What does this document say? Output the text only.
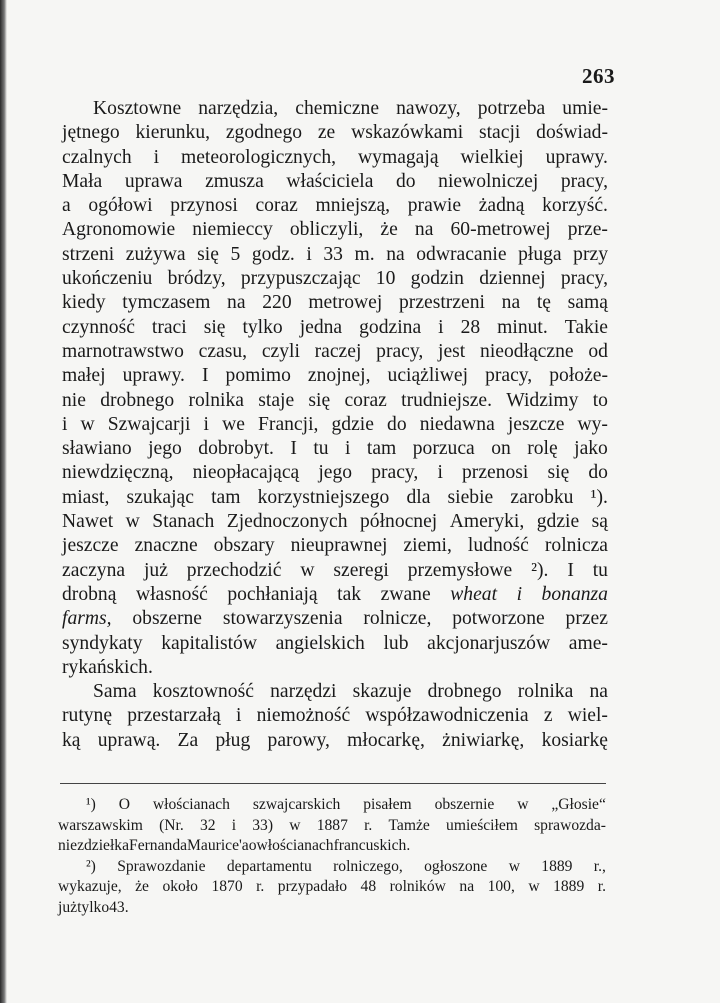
263
Kosztowne narzędzia, chemiczne nawozy, potrzeba umie-
jętnego kierunku, zgodnego ze wskazówkami stacji doświad-
czalnych i meteorologicznych, wymagają wielkiej uprawy.
Mała uprawa zmusza właściciela do niewolniczej pracy,
a ogółowi przynosi coraz mniejszą, prawie żadną korzyść.
Agronomowie niemieccy obliczyli, że na 60-metrowej prze-
strzeni zużywa się 5 godz. i 33 m. na odwracanie pługa przy
ukończeniu bródzy, przypuszczając 10 godzin dziennej pracy,
kiedy tymczasem na 220 metrowej przestrzeni na tę samą
czynność traci się tylko jedna godzina i 28 minut. Takie
marnotrawstwo czasu, czyli raczej pracy, jest nieodłączne od
małej uprawy. I pomimo znojnej, uciążliwej pracy, położe-
nie drobnego rolnika staje się coraz trudniejsze. Widzimy to
i w Szwajcarji i we Francji, gdzie do niedawna jeszcze wy-
sławiano jego dobrobyt. I tu i tam porzuca on rolę jako
niewdzięczną, nieopłacającą jego pracy, i przenosi się do
miast, szukając tam korzystniejszego dla siebie zarobku ¹).
Nawet w Stanach Zjednoczonych północnej Ameryki, gdzie są
jeszcze znaczne obszary nieuprawnej ziemi, ludność rolnicza
zaczyna już przechodzić w szeregi przemysłowe ²). I tu
drobną własność pochłaniają tak zwane wheat i bonanza
farms, obszerne stowarzyszenia rolnicze, potworzone przez
syndykaty kapitalistów angielskich lub akcjonarjuszów ame-
rykańskich.
Sama kosztowność narzędzi skazuje drobnego rolnika na
rutynę przestarzałą i niemożność współzawodniczenia z wiel-
ką uprawą. Za pług parowy, młocarkę, żniwiarkę, kosiarkę
¹) O włościanach szwajcarskich pisałem obszernie w „Głosie“
warszawskim (Nr. 32 i 33) w 1887 r. Tamże umieściłem sprawozda-
nie z dziełka Fernanda Maurice'a o włościanach francuskich.
²) Sprawozdanie departamentu rolniczego, ogłoszone w 1889 r.,
wykazuje, że około 1870 r. przypadało 48 rolników na 100, w 1889 r.
już tylko 43.
